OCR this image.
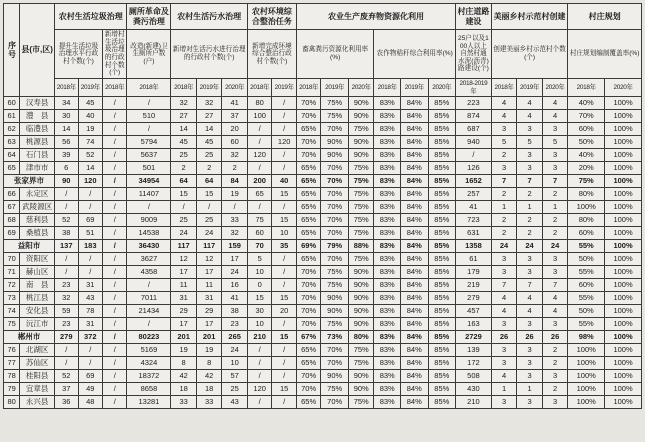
序号	县(市,区)	农村生活垃圾治理			厕所革命及粪污治理	农村生活污水治理			农村环境综合整治任务		农业生产废弃物资源化利用						村庄道路建设	美丽乡村示范村创建			村庄规划	
		提升生活垃圾治理水平行政村个数(个)		新增村生活垃圾治理的行政村个数(个)	改造(新建)卫生厕所户数(户)	新增对生活污水进行治理的行政村个数(个)			新增完成环境综合整治行政村个数(个)		畜禽粪污资源化利用率(%)			农作物秸秆综合利用率(%)			25户以及100人以上自然村通水泥(沥青)路建设(个)	创建美丽乡村示范村个数(个)			村庄规划编制覆盖率(%)	
		2018年	2019年	2018年	2018年	2018年	2019年	2020年	2018年	2019年	2018年	2019年	2020年	2018年	2019年	2020年	2018-2019年	2018年	2019年	2020年	2018年	2020年
60	汉寿县	34	45	/	/	32	32	41	80	/	70%	75%	90%	83%	84%	85%	223	4	4	4	40%	100%
61	澧　县	30	40	/	510	27	27	37	100	/	70%	75%	90%	83%	84%	85%	874	4	4	4	70%	100%
62	临澧县	14	19	/	/	14	14	20	/	/	65%	70%	75%	83%	84%	85%	687	3	3	3	60%	100%
63	桃源县	56	74	/	5794	45	45	60	/	120	70%	90%	90%	83%	84%	85%	940	5	5	5	50%	100%
64	石门县	39	52	/	5637	25	25	32	120	/	70%	90%	90%	83%	84%	85%	/	2	3	3	40%	100%
65	津市市	6	14	/	501	2	2	2	/	/	65%	70%	75%	83%	84%	85%	126	3	3	3	20%	100%
张家界市		90	120	/	34954	64	64	84	200	40	65%	70%	75%	83%	84%	85%	1652	7	7	7	75%	100%
66	永定区	/	/	/	11407	15	15	19	65	15	65%	70%	75%	83%	84%	85%	257	2	2	2	80%	100%
67	武陵源区	/	/	/	/	/	/	/	/	/	65%	70%	75%	83%	84%	85%	41	1	1	1	100%	100%
68	慈利县	52	69	/	9009	25	25	33	75	15	65%	70%	75%	83%	84%	85%	723	2	2	2	80%	100%
69	桑植县	38	51	/	14538	24	24	32	60	10	65%	70%	75%	83%	84%	85%	631	2	2	2	60%	100%
益阳市		137	183	/	36430	117	117	159	70	35	69%	79%	88%	83%	84%	85%	1358	24	24	24	55%	100%
70	资阳区	/	/	/	3627	12	12	17	5	/	65%	70%	75%	83%	84%	85%	61	3	3	3	50%	100%
71	赫山区	/	/	/	4358	17	17	24	10	/	70%	75%	90%	83%	84%	85%	179	3	3	3	55%	100%
72	南　县	23	31	/	/	11	11	16	0	/	70%	75%	90%	83%	84%	85%	219	7	7	7	60%	100%
73	桃江县	32	43	/	7011	31	31	41	15	15	70%	90%	90%	83%	84%	85%	279	4	4	4	55%	100%
74	安化县	59	78	/	21434	29	29	38	30	20	70%	90%	90%	83%	84%	85%	457	4	4	4	50%	100%
75	沅江市	23	31	/	/	17	17	23	10	/	70%	75%	90%	83%	84%	85%	163	3	3	3	55%	100%
郴州市		279	372	/	80223	201	201	265	210	15	67%	73%	80%	83%	84%	85%	2729	26	26	26	98%	100%
76	北湖区	/	/	/	5169	19	19	24	/	/	65%	70%	75%	83%	84%	85%	139	3	3	2	100%	100%
77	苏仙区	/	/	/	4324	8	8	10	/	/	65%	70%	75%	83%	84%	85%	172	3	3	2	100%	100%
78	桂阳县	52	69	/	18372	42	42	57	/	/	70%	90%	90%	83%	84%	85%	508	4	3	3	100%	100%
79	宜章县	37	49	/	8658	18	18	25	120	15	70%	75%	90%	83%	84%	85%	430	1	1	2	100%	100%
80	永兴县	36	48	/	13281	33	33	43	/	/	65%	70%	75%	83%	84%	85%	210	3	3	3	100%	100%
